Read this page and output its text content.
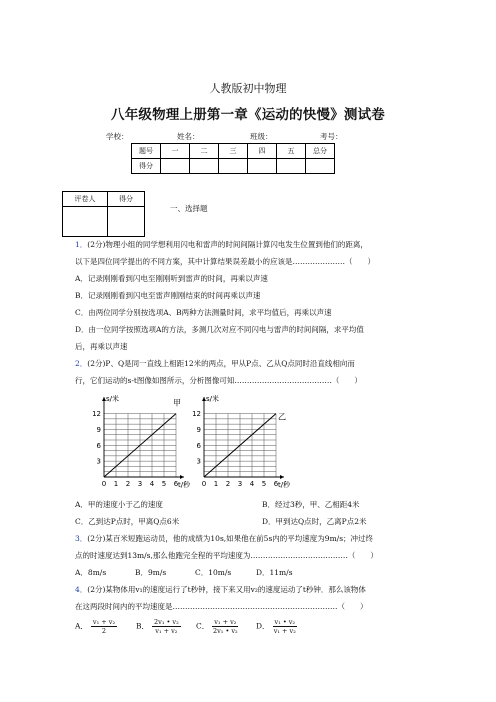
人教版初中物理
八年级物理上册第一章《运动的快慢》测试卷
学校：	姓名：	班级：	考号：
题号	一	二	三	四	五	总分
得分						
评卷人	得分

一、选择题
1．(2分)物理小组的同学想利用闪电和雷声的时间间隔计算闪电发生位置到他们的距离，
以下是四位同学提出的不同方案，其中计算结果误差最小的应该是…………………（　　）
A．记录刚刚看到闪电至刚刚听到雷声的时间，再乘以声速
B．记录刚刚看到闪电至雷声刚刚结束的时间再乘以声速
C．由两位同学分别按选项A、B两种方法测量时间，求平均值后，再乘以声速
D．由一位同学按照选项A的方法，多测几次对应不同闪电与雷声的时间间隔，求平均值
后，再乘以声速
2．(2分)P、Q是同一直线上相距12米的两点，甲从P点、乙从Q点同时沿直线相向而
行，它们运动的s-t图像如图所示，分析图像可知…………………………………（　　）
0 1 2 3 4 5 6
3
6
9
12
s/米
t/秒
甲
0 1 2 3 4 5 6
3
6
9
12
s/米
t/秒
乙
A．甲的速度小于乙的速度	B．经过3秒，甲、乙相距4米
C．乙到达P点时，甲离Q点6米	D．甲到达Q点时，乙离P点2米
3．(2分)某百米短跑运动员，他的成绩为10s,如果他在前5s内的平均速度为9m/s；冲过终
点的时速度达到13m/s,那么他跑完全程的平均速度为…………………………………（　　）
A．8m/s	B．9m/s	C．10m/s	D．11m/s
4．(2分)某物体用v₁的速度运行了t秒钟，接下来又用v₂的速度运动了t秒钟．那么该物体
在这两段时间内的平均速度是…………………………………………………………（　　）
A． $\frac{\text{v₁ + v₂}}{2}$	B． $\frac{\text{2v₁ • v₂}}{\text{v₁ + v₂}}$ C． $\frac{\text{v₁ + v₂}}{\text{2v₁ • v₂}}$ D． $\frac{\text{v₁ • v₂}}{\text{v₁ + v₂}}$
